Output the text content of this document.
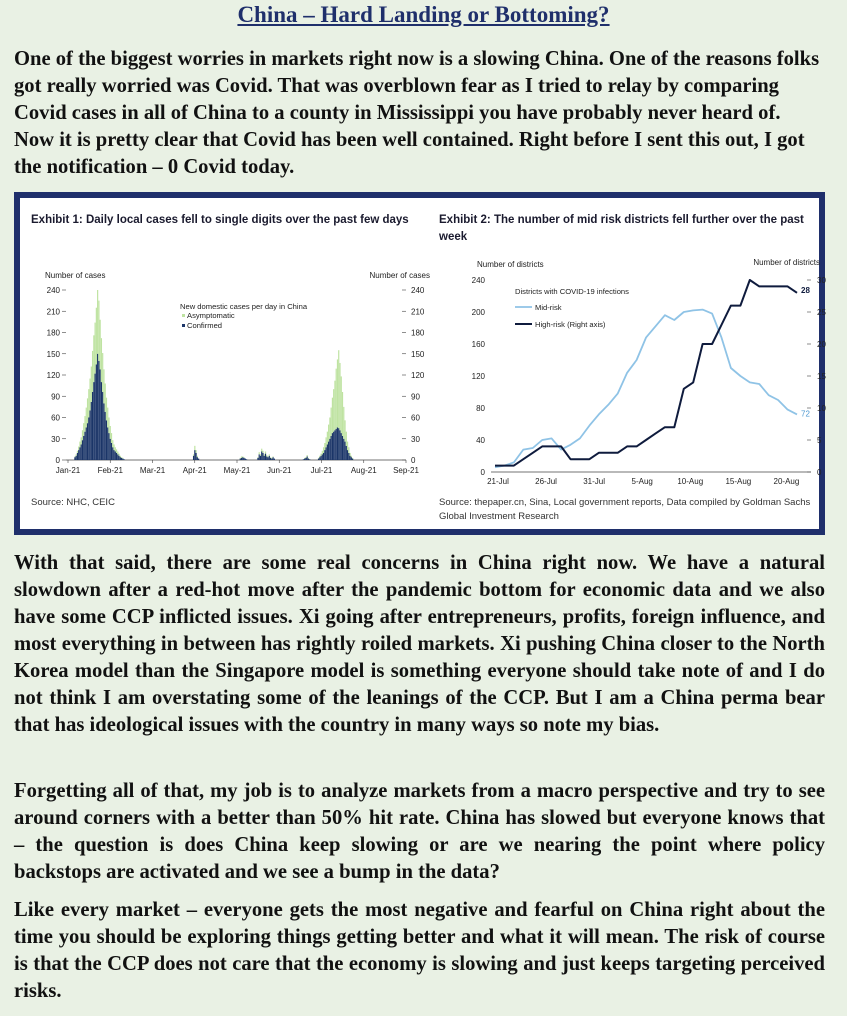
China – Hard Landing or Bottoming?

One of the biggest worries in markets right now is a slowing China. One of the reasons folks got really worried was Covid. That was overblown fear as I tried to relay by comparing Covid cases in all of China to a county in Mississippi you have probably never heard of. Now it is pretty clear that Covid has been well contained. Right before I sent this out, I got the notification – 0 Covid today.

Exhibit 1: Daily local cases fell to single digits over the past few days	Exhibit 2: The number of mid risk districts fell further over the past week
Number of cases	Number of cases
0	0
30	30
60	60
90	90
120	120
150	150
180	180
210	210
240	240
Jan-21 Feb-21 Mar-21 Apr-21 May-21 Jun-21 Jul-21 Aug-21 Sep-21
New domestic cases per day in China
Asymptomatic
Confirmed
Number of districts	Number of districts
0
40
80
120
160
200
240
0
5
10
15
20
25
30
21-Jul	26-Jul	31-Jul	5-Aug	10-Aug	15-Aug	20-Aug
72
28
Districts with COVID-19 infections
Mid-risk
High-risk (Right axis)
Source: NHC, CEIC	Source: thepaper.cn, Sina, Local government reports, Data compiled by Goldman Sachs Global Investment Research

With that said, there are some real concerns in China right now. We have a natural slowdown after a red-hot move after the pandemic bottom for economic data and we also have some CCP inflicted issues. Xi going after entrepreneurs, profits, foreign influence, and most everything in between has rightly roiled markets. Xi pushing China closer to the North Korea model than the Singapore model is something everyone should take note of and I do not think I am overstating some of the leanings of the CCP. But I am a China perma bear that has ideological issues with the country in many ways so note my bias.

Forgetting all of that, my job is to analyze markets from a macro perspective and try to see around corners with a better than 50% hit rate. China has slowed but everyone knows that – the question is does China keep slowing or are we nearing the point where policy backstops are activated and we see a bump in the data?

Like every market – everyone gets the most negative and fearful on China right about the time you should be exploring things getting better and what it will mean. The risk of course is that the CCP does not care that the economy is slowing and just keeps targeting perceived risks.
